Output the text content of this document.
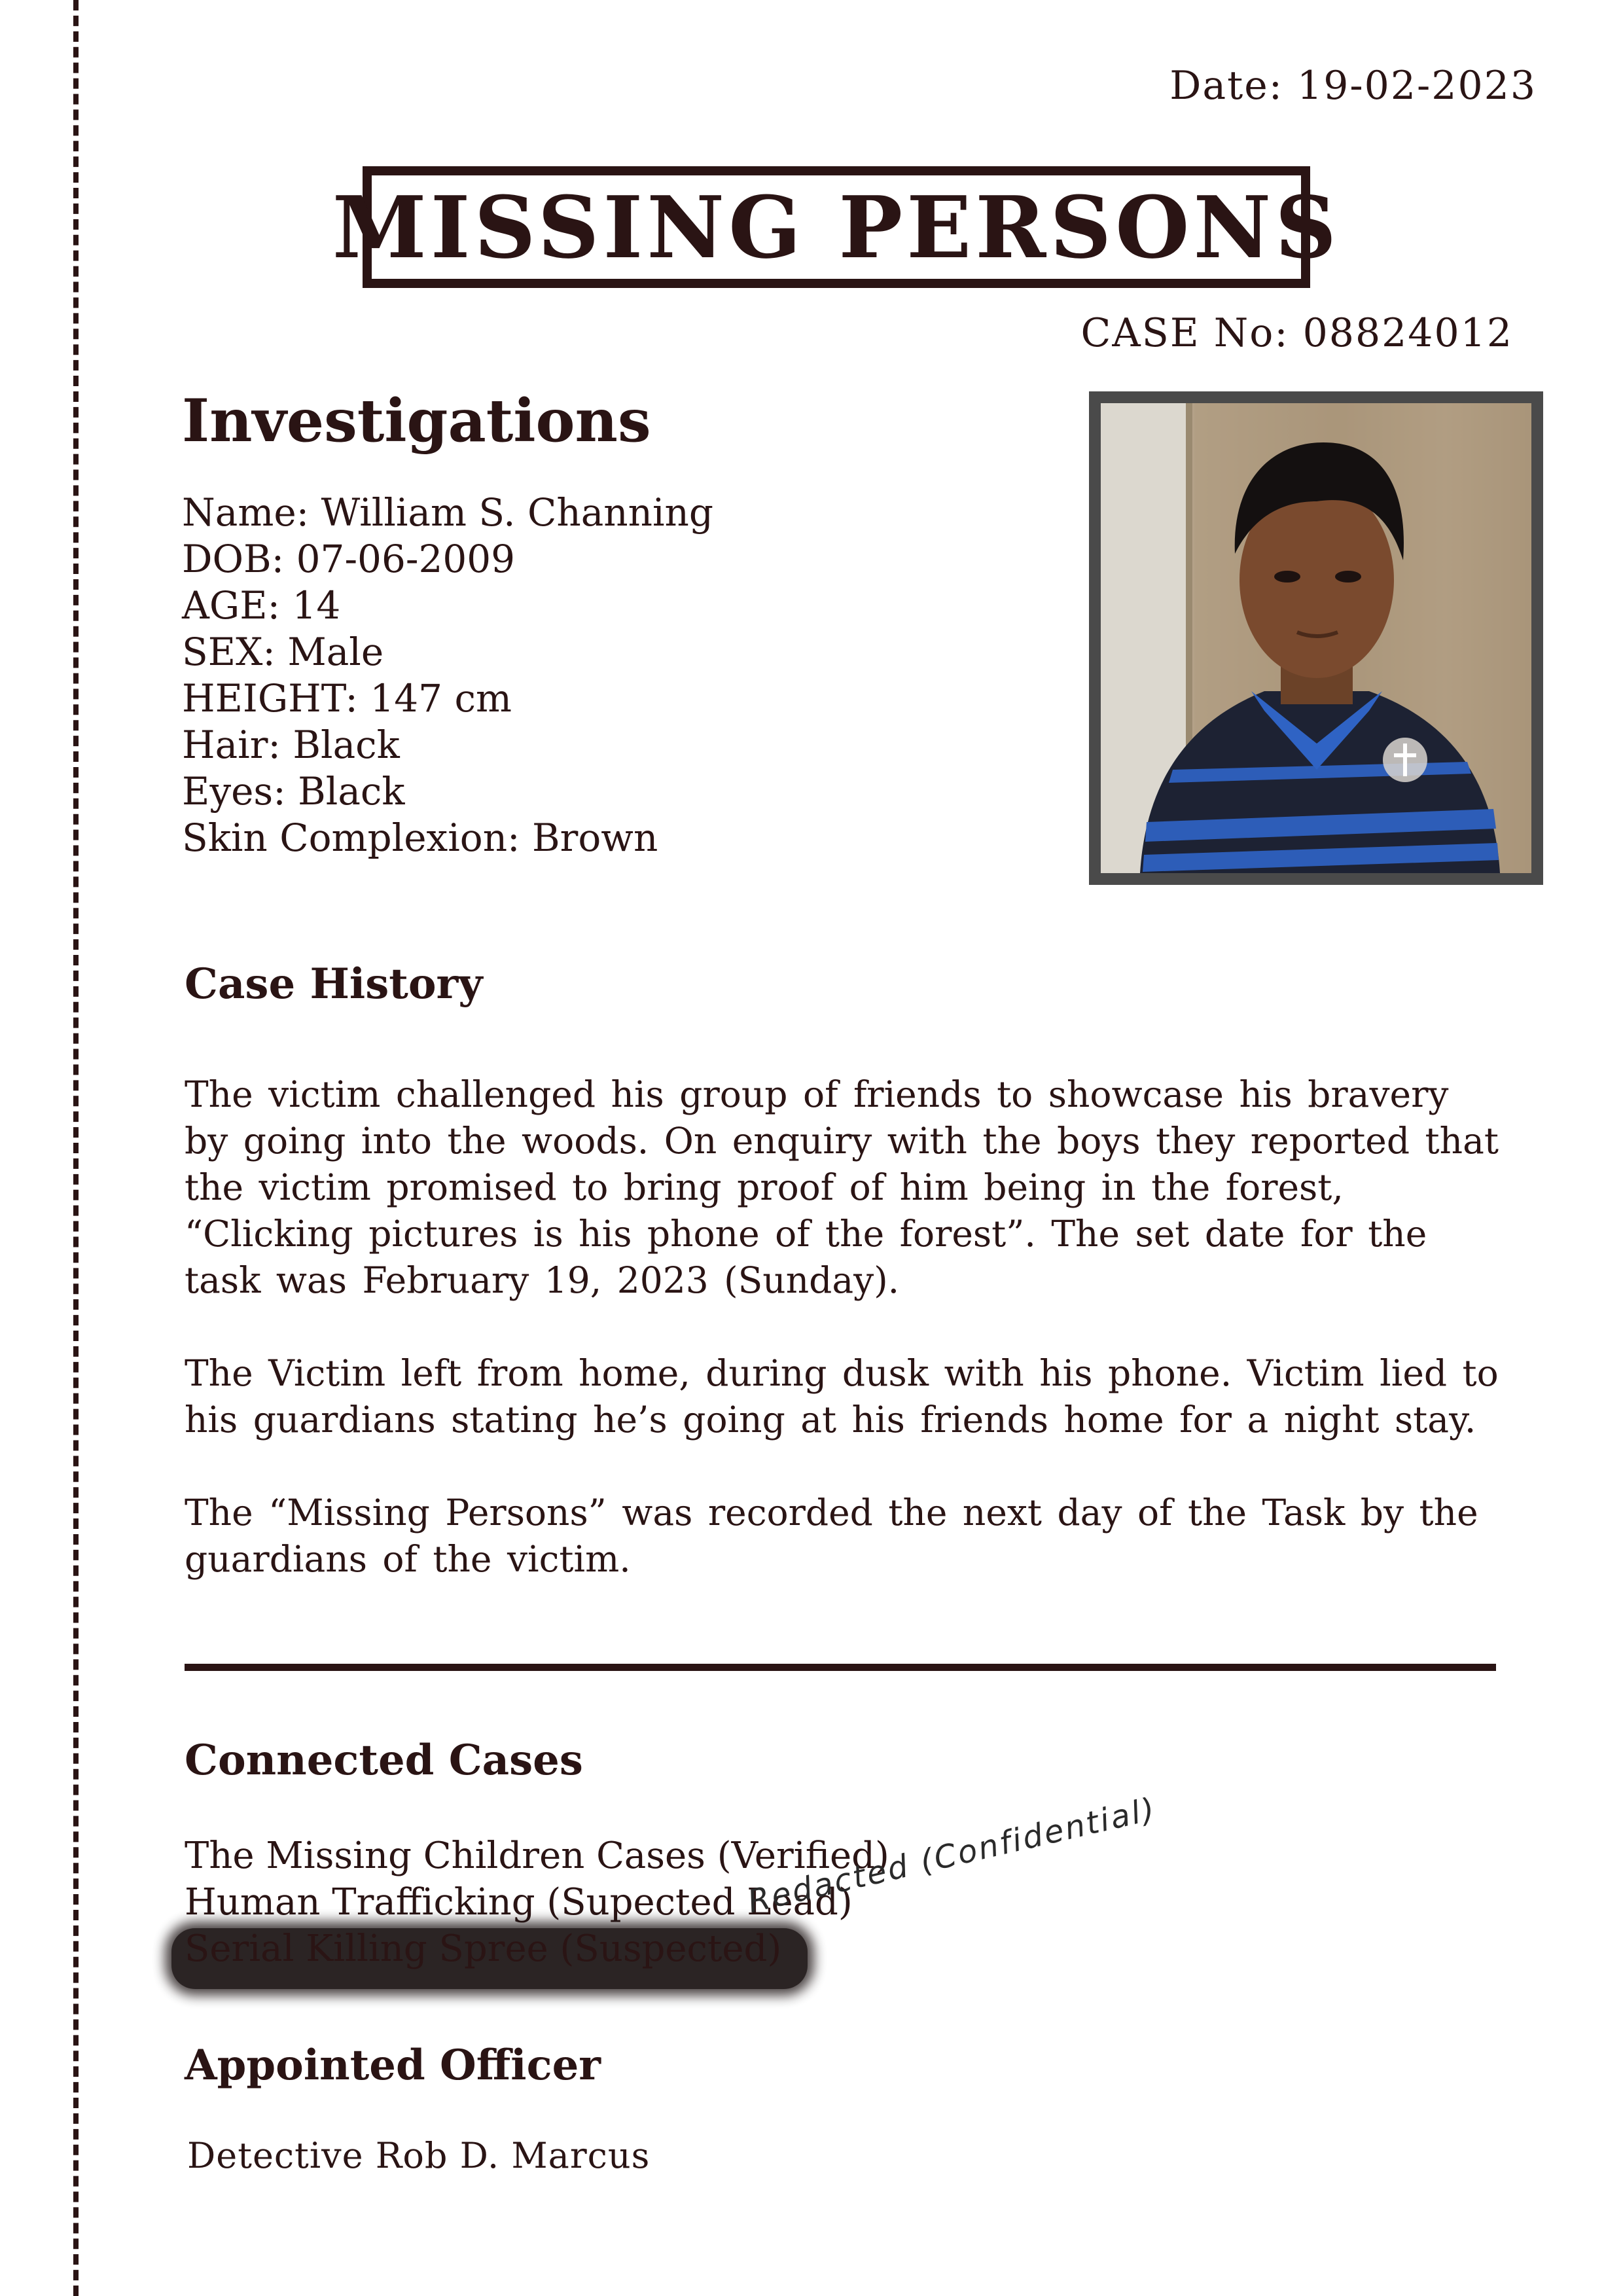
Date: 19-02-2023
MISSING PERSONS
CASE No: 08824012
Investigations
Name: William S. Channing
DOB: 07-06-2009
AGE: 14
SEX: Male
HEIGHT: 147 cm
Hair: Black
Eyes: Black
Skin Complexion: Brown
Case History

The victim challenged his group of friends to showcase his bravery by going into the woods. On enquiry with the boys they reported that the victim promised to bring proof of him being in the forest, “Clicking pictures is his phone of the forest”. The set date for the task was February 19, 2023 (Sunday).

The Victim left from home, during dusk with his phone. Victim lied to his guardians stating he’s going at his friends home for a night stay.

The “Missing Persons” was recorded the next day of the Task by the guardians of the victim.

Connected Cases
The Missing Children Cases (Verified)
Human Trafficking (Supected Lead)
Serial Killing Spree (Suspected)
Redacted (Confidential)
Appointed Officer

Detective Rob D. Marcus
